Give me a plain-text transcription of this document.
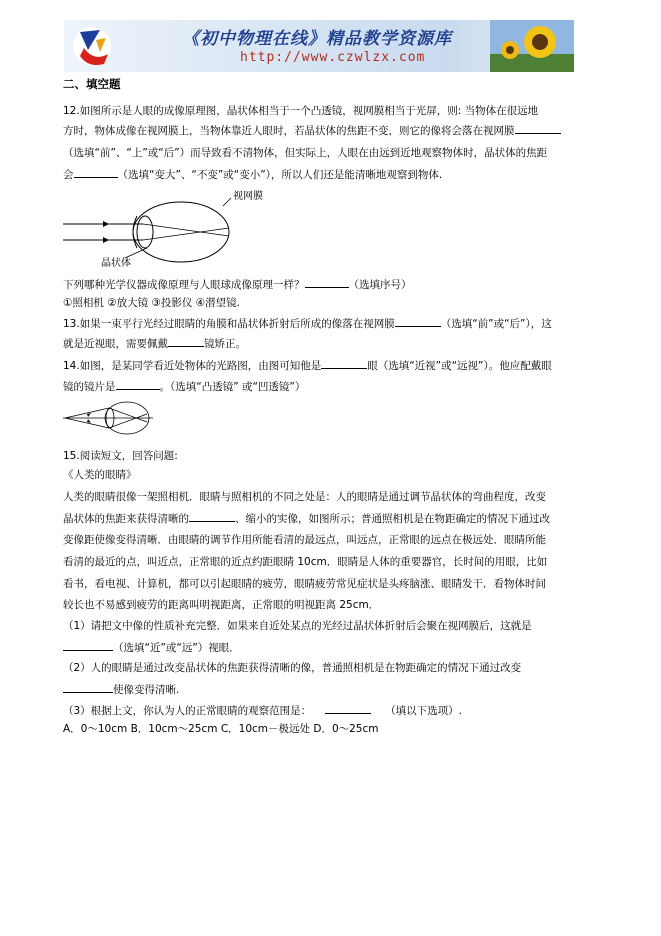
《初中物理在线》精品教学资源库
http://www.czwlzx.com
二、填空题

12.如图所示是人眼的成像原理图，晶状体相当于一个凸透镜，视网膜相当于光屏，则: 当物体在很远地

方时，物体成像在视网膜上，当物体靠近人眼时，若晶状体的焦距不变，则它的像将会落在视网膜

（选填“前”、“上”或“后”）而导致看不清物体，但实际上，人眼在由远到近地观察物体时，晶状体的焦距

会	（选填“变大”、“不变”或“变小”），所以人们还是能清晰地观察到物体.

视网膜
晶状体

下列哪种光学仪器成像原理与人眼球成像原理一样？	（选填序号）

①照相机 ②放大镜 ③投影仪 ④潜望镜.

13.如果一束平行光经过眼睛的角膜和晶状体折射后所成的像落在视网膜	（选填“前”或“后”），这

就是近视眼，需要佩戴	镜矫正。

14.如图，是某同学看近处物体的光路图，由图可知他是	眼（选填“近视”或“远视”）。他应配戴眼

镜的镜片是	。（选填“凸透镜” 或“凹透镜”）

15.阅读短文，回答问题:

《人类的眼睛》

人类的眼睛很像一架照相机．眼睛与照相机的不同之处是：人的眼睛是通过调节晶状体的弯曲程度，改变

晶状体的焦距来获得清晰的	、缩小的实像，如图所示；普通照相机是在物距确定的情况下通过改

变像距使像变得清晰．由眼睛的调节作用所能看清的最远点，叫远点，正常眼的远点在极远处．眼睛所能

看清的最近的点，叫近点，正常眼的近点约距眼睛 10cm．眼睛是人体的重要器官，长时间的用眼，比如

看书，看电视、计算机，都可以引起眼睛的疲劳，眼睛疲劳常见症状是头疼脑涨、眼睛发干．看物体时间

较长也不易感到疲劳的距离叫明视距离，正常眼的明视距离 25cm．

（1）请把文中像的性质补充完整．如果来自近处某点的光经过晶状体折射后会聚在视网膜后，这就是

（选填“近”或“远”）视眼．

（2）人的眼睛是通过改变晶状体的焦距获得清晰的像，普通照相机是在物距确定的情况下通过改变

使像变得清晰.

（3）根据上文，你认为人的正常眼睛的观察范围是：	（填以下选项）.

A．0～10cm B．10cm～25cm C．10cm－极远处 D．0～25cm
